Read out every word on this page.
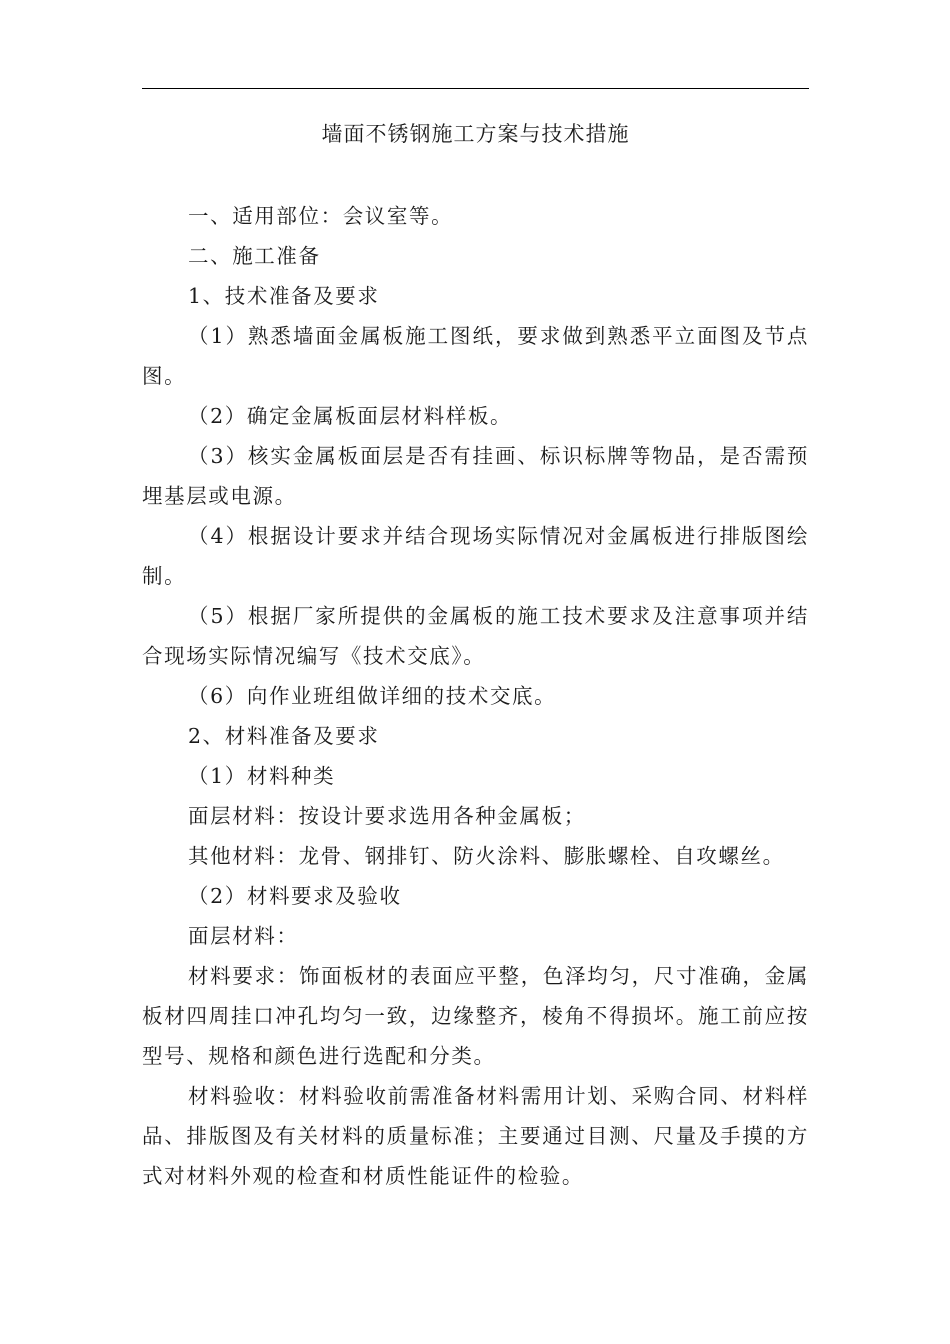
墙面不锈钢施工方案与技术措施

一、适用部位：会议室等。

二、施工准备

1、技术准备及要求

（1）熟悉墙面金属板施工图纸，要求做到熟悉平立面图及节点图。

（2）确定金属板面层材料样板。

（3）核实金属板面层是否有挂画、标识标牌等物品，是否需预埋基层或电源。

（4）根据设计要求并结合现场实际情况对金属板进行排版图绘制。

（5）根据厂家所提供的金属板的施工技术要求及注意事项并结合现场实际情况编写《技术交底》。

（6）向作业班组做详细的技术交底。

2、材料准备及要求

（1）材料种类

面层材料：按设计要求选用各种金属板；

其他材料：龙骨、钢排钉、防火涂料、膨胀螺栓、自攻螺丝。

（2）材料要求及验收

面层材料：

材料要求：饰面板材的表面应平整，色泽均匀，尺寸准确，金属板材四周挂口冲孔均匀一致，边缘整齐，棱角不得损坏。施工前应按型号、规格和颜色进行选配和分类。

材料验收：材料验收前需准备材料需用计划、采购合同、材料样品、排版图及有关材料的质量标准；主要通过目测、尺量及手摸的方式对材料外观的检查和材质性能证件的检验。
